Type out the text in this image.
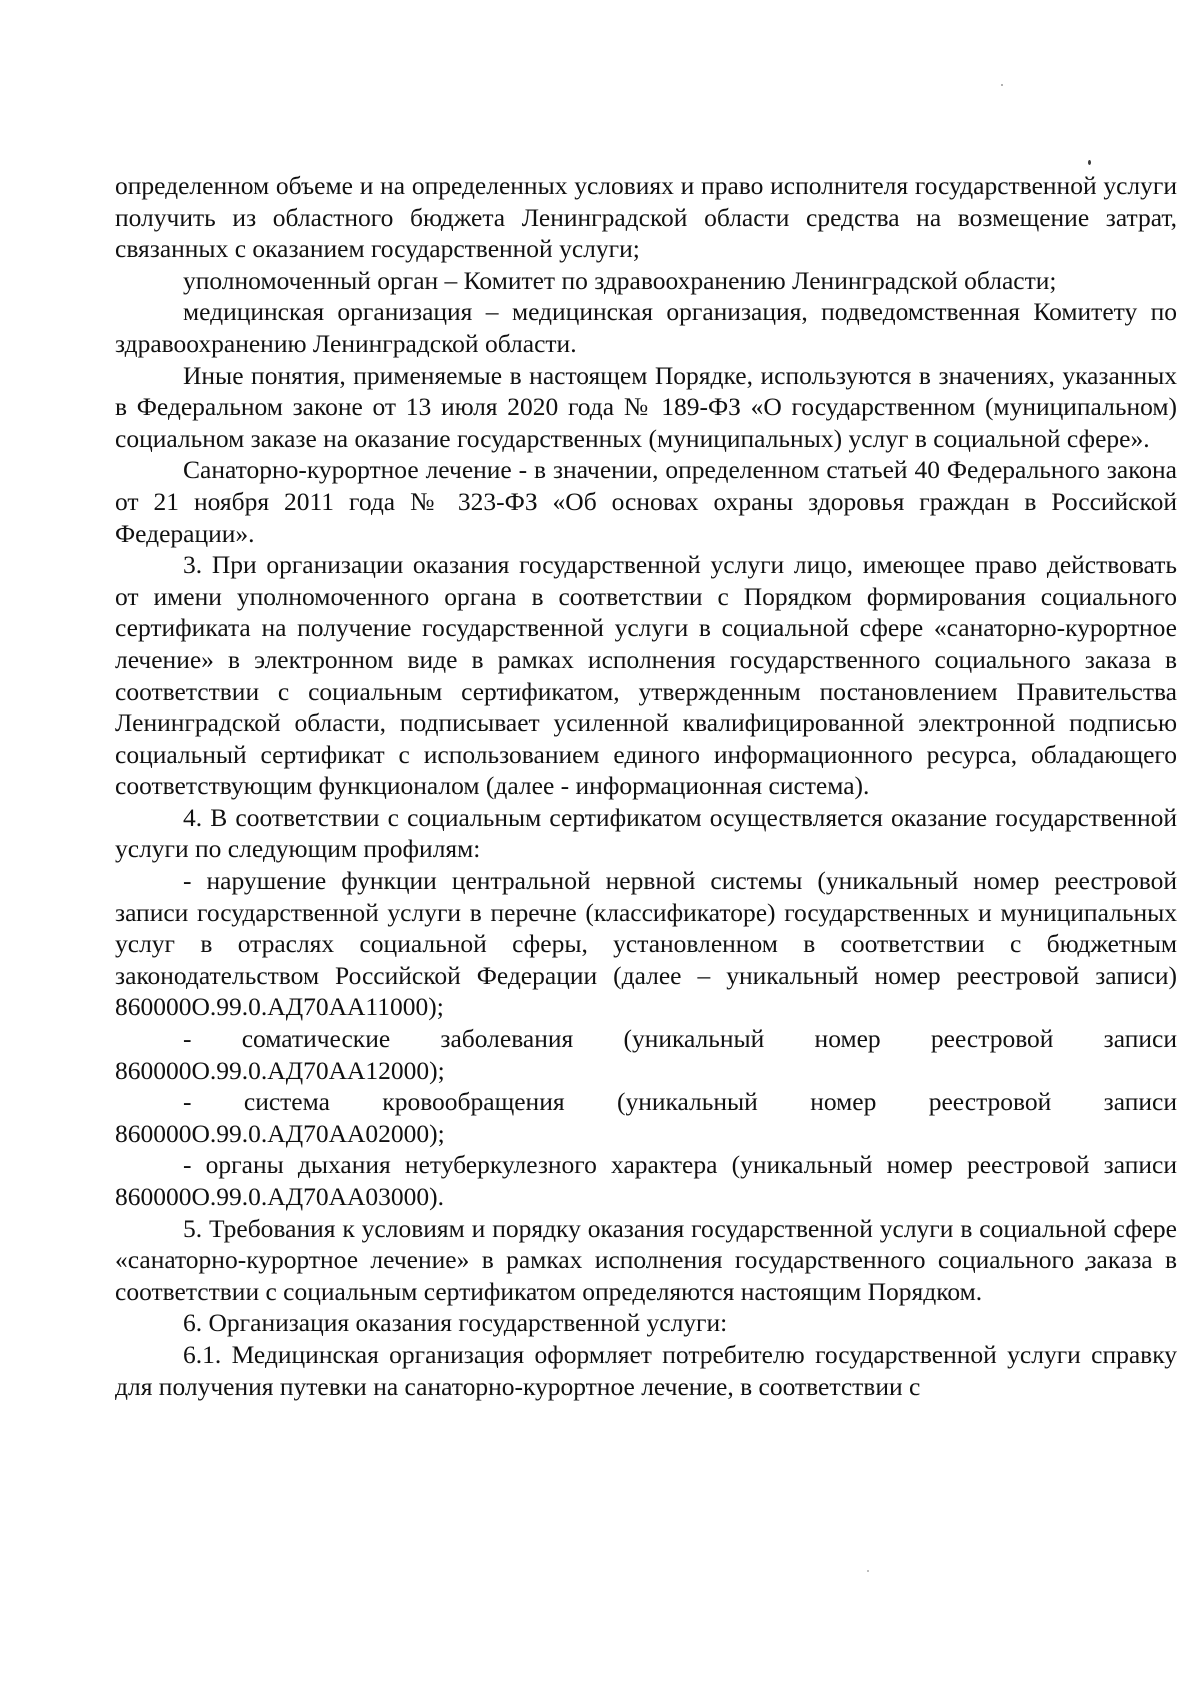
определенном объеме и на определенных условиях и право исполнителя государственной услуги получить из областного бюджета Ленинградской области средства на возмещение затрат, связанных с оказанием государственной услуги;

уполномоченный орган – Комитет по здравоохранению Ленинградской области;

медицинская организация – медицинская организация, подведомственная Комитету по здравоохранению Ленинградской области.

Иные понятия, применяемые в настоящем Порядке, используются в значениях, указанных в Федеральном законе от 13 июля 2020 года № 189-ФЗ «О государственном (муниципальном) социальном заказе на оказание государственных (муниципальных) услуг в социальной сфере».

Санаторно-курортное лечение - в значении, определенном статьей 40 Федерального закона от 21 ноября 2011 года № 323-ФЗ «Об основах охраны здоровья граждан в Российской Федерации».

3. При организации оказания государственной услуги лицо, имеющее право действовать от имени уполномоченного органа в соответствии с Порядком формирования социального сертификата на получение государственной услуги в социальной сфере «санаторно-курортное лечение» в электронном виде в рамках исполнения государственного социального заказа в соответствии с социальным сертификатом, утвержденным постановлением Правительства Ленинградской области, подписывает усиленной квалифицированной электронной подписью социальный сертификат с использованием единого информационного ресурса, обладающего соответствующим функционалом (далее - информационная система).

4. В соответствии с социальным сертификатом осуществляется оказание государственной услуги по следующим профилям:

- нарушение функции центральной нервной системы (уникальный номер реестровой записи государственной услуги в перечне (классификаторе) государственных и муниципальных услуг в отраслях социальной сферы, установленном в соответствии с бюджетным законодательством Российской Федерации (далее – уникальный номер реестровой записи) 860000О.99.0.АД70АА11000);

- соматические заболевания (уникальный номер реестровой записи 860000О.99.0.АД70АА12000);

- система кровообращения (уникальный номер реестровой записи 860000О.99.0.АД70АА02000);

- органы дыхания нетуберкулезного характера (уникальный номер реестровой записи 860000О.99.0.АД70АА03000).

5. Требования к условиям и порядку оказания государственной услуги в социальной сфере «санаторно-курортное лечение» в рамках исполнения государственного социального заказа в соответствии с социальным сертификатом определяются настоящим Порядком.

6. Организация оказания государственной услуги:

6.1. Медицинская организация оформляет потребителю государственной услуги справку для получения путевки на санаторно-курортное лечение, в соответствии с
